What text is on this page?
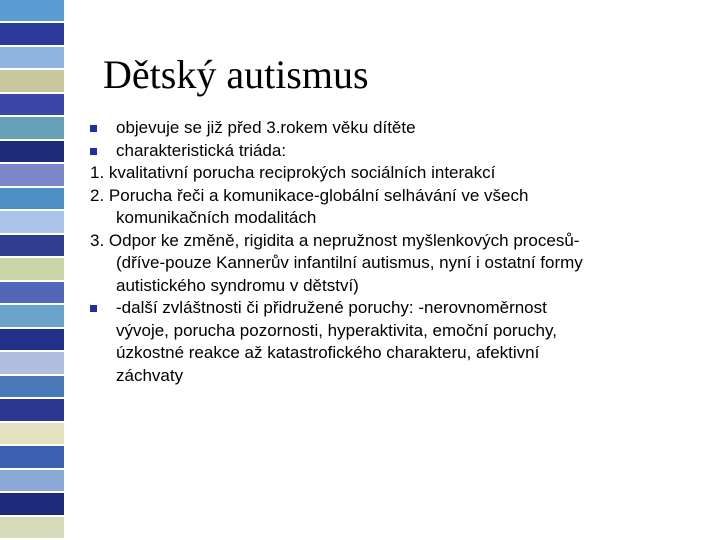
Dětský autismus
objevuje se již před 3.rokem věku dítěte
charakteristická triáda:
1. kvalitativní porucha reciprokých sociálních interakcí
2. Porucha řeči a komunikace-globální selhávání ve všech
komunikačních modalitách
3. Odpor ke změně, rigidita a nepružnost myšlenkových procesů-
(dříve-pouze Kannerův infantilní autismus, nyní i ostatní formy
autistického syndromu v dětství)
-další zvláštnosti či přidružené poruchy: -nerovnoměrnost
vývoje, porucha pozornosti, hyperaktivita, emoční poruchy,
úzkostné reakce až katastrofického charakteru, afektivní
záchvaty
